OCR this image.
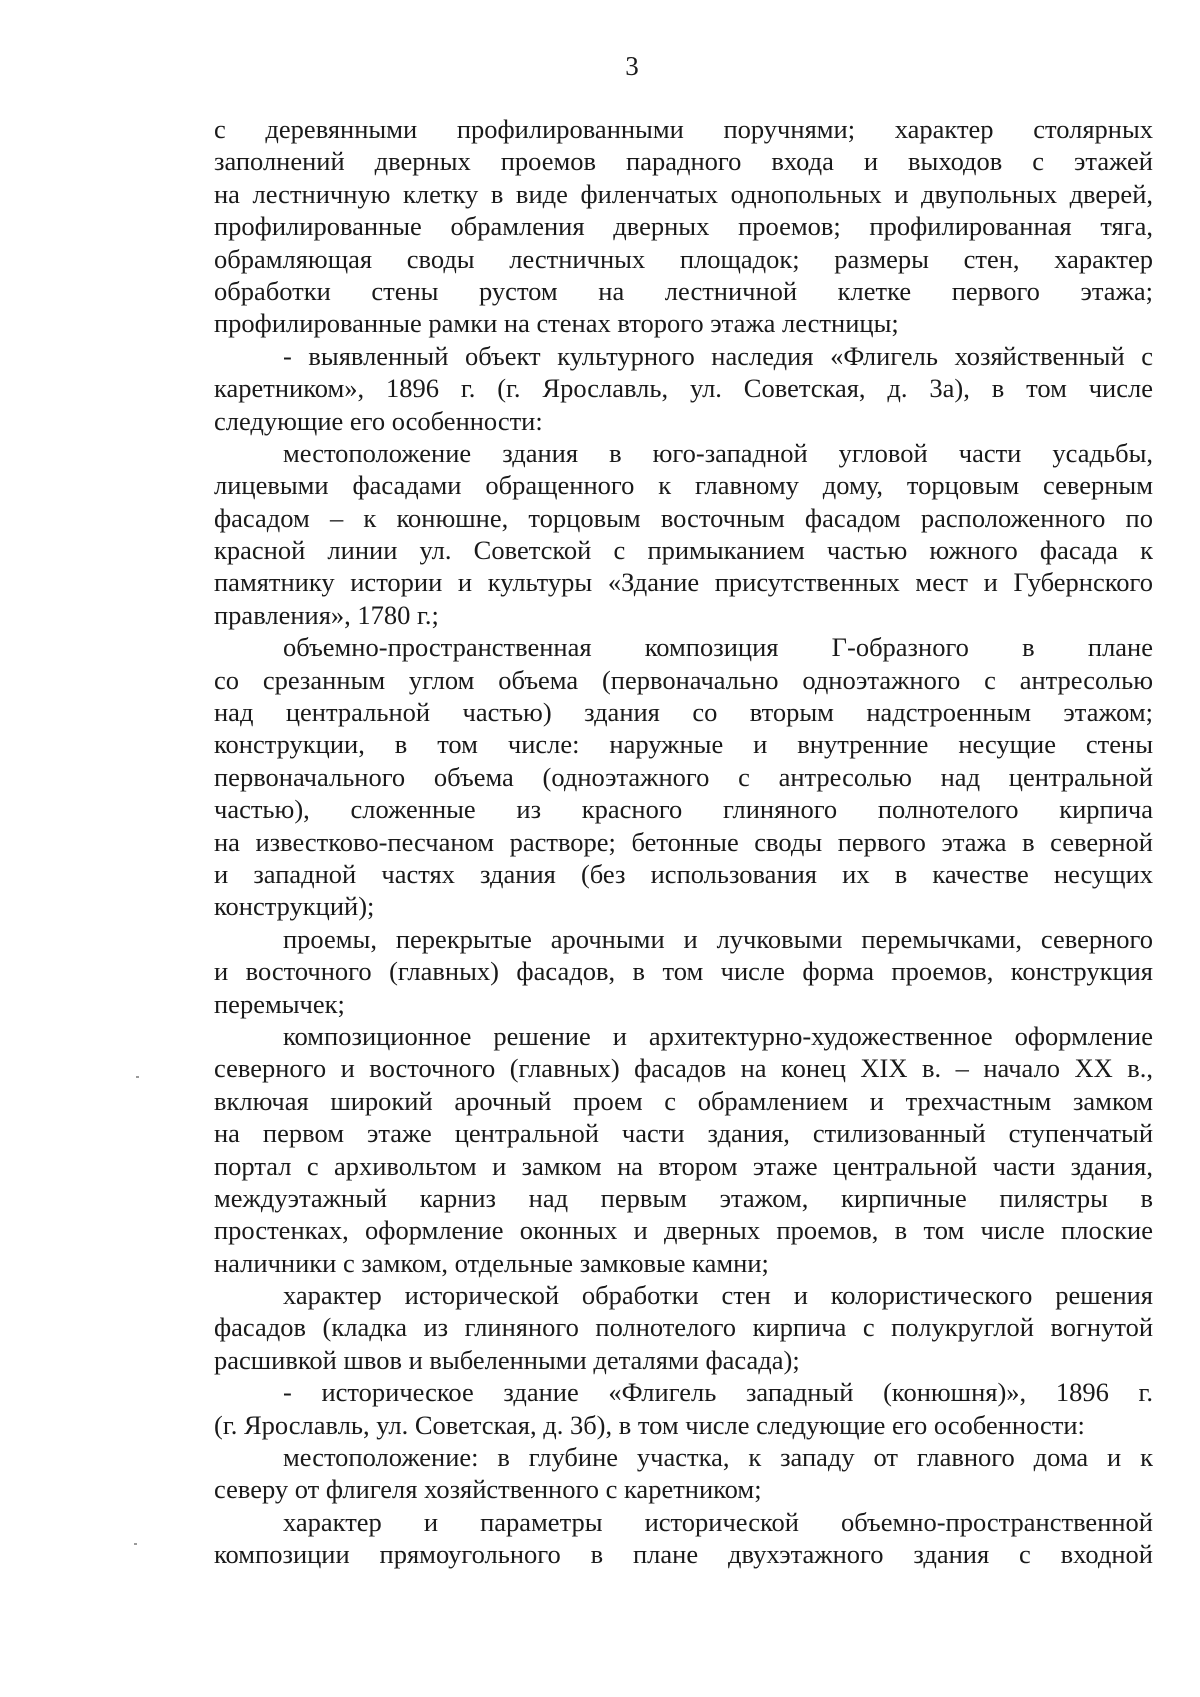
3
с деревянными профилированными поручнями; характер столярных
заполнений дверных проемов парадного входа и выходов с этажей
на лестничную клетку в виде филенчатых однопольных и двупольных дверей,
профилированные обрамления дверных проемов; профилированная тяга,
обрамляющая своды лестничных площадок; размеры стен, характер
обработки стены рустом на лестничной клетке первого этажа;
профилированные рамки на стенах второго этажа лестницы;
- выявленный объект культурного наследия «Флигель хозяйственный с
каретником», 1896 г. (г. Ярославль, ул. Советская, д. 3а), в том числе
следующие его особенности:
местоположение здания в юго-западной угловой части усадьбы,
лицевыми фасадами обращенного к главному дому, торцовым северным
фасадом – к конюшне, торцовым восточным фасадом расположенного по
красной линии ул. Советской с примыканием частью южного фасада к
памятнику истории и культуры «Здание присутственных мест и Губернского
правления», 1780 г.;
объемно-пространственная композиция Г-образного в плане
со срезанным углом объема (первоначально одноэтажного с антресолью
над центральной частью) здания со вторым надстроенным этажом;
конструкции, в том числе: наружные и внутренние несущие стены
первоначального объема (одноэтажного с антресолью над центральной
частью), сложенные из красного глиняного полнотелого кирпича
на известково-песчаном растворе; бетонные своды первого этажа в северной
и западной частях здания (без использования их в качестве несущих
конструкций);
проемы, перекрытые арочными и лучковыми перемычками, северного
и восточного (главных) фасадов, в том числе форма проемов, конструкция
перемычек;
композиционное решение и архитектурно-художественное оформление
северного и восточного (главных) фасадов на конец XIX в. – начало XX в.,
включая широкий арочный проем с обрамлением и трехчастным замком
на первом этаже центральной части здания, стилизованный ступенчатый
портал с архивольтом и замком на втором этаже центральной части здания,
междуэтажный карниз над первым этажом, кирпичные пилястры в
простенках, оформление оконных и дверных проемов, в том числе плоские
наличники с замком, отдельные замковые камни;
характер исторической обработки стен и колористического решения
фасадов (кладка из глиняного полнотелого кирпича с полукруглой вогнутой
расшивкой швов и выбеленными деталями фасада);
- историческое здание «Флигель западный (конюшня)», 1896 г.
(г. Ярославль, ул. Советская, д. 3б), в том числе следующие его особенности:
местоположение: в глубине участка, к западу от главного дома и к
северу от флигеля хозяйственного с каретником;
характер и параметры исторической объемно-пространственной
композиции прямоугольного в плане двухэтажного здания с входной
